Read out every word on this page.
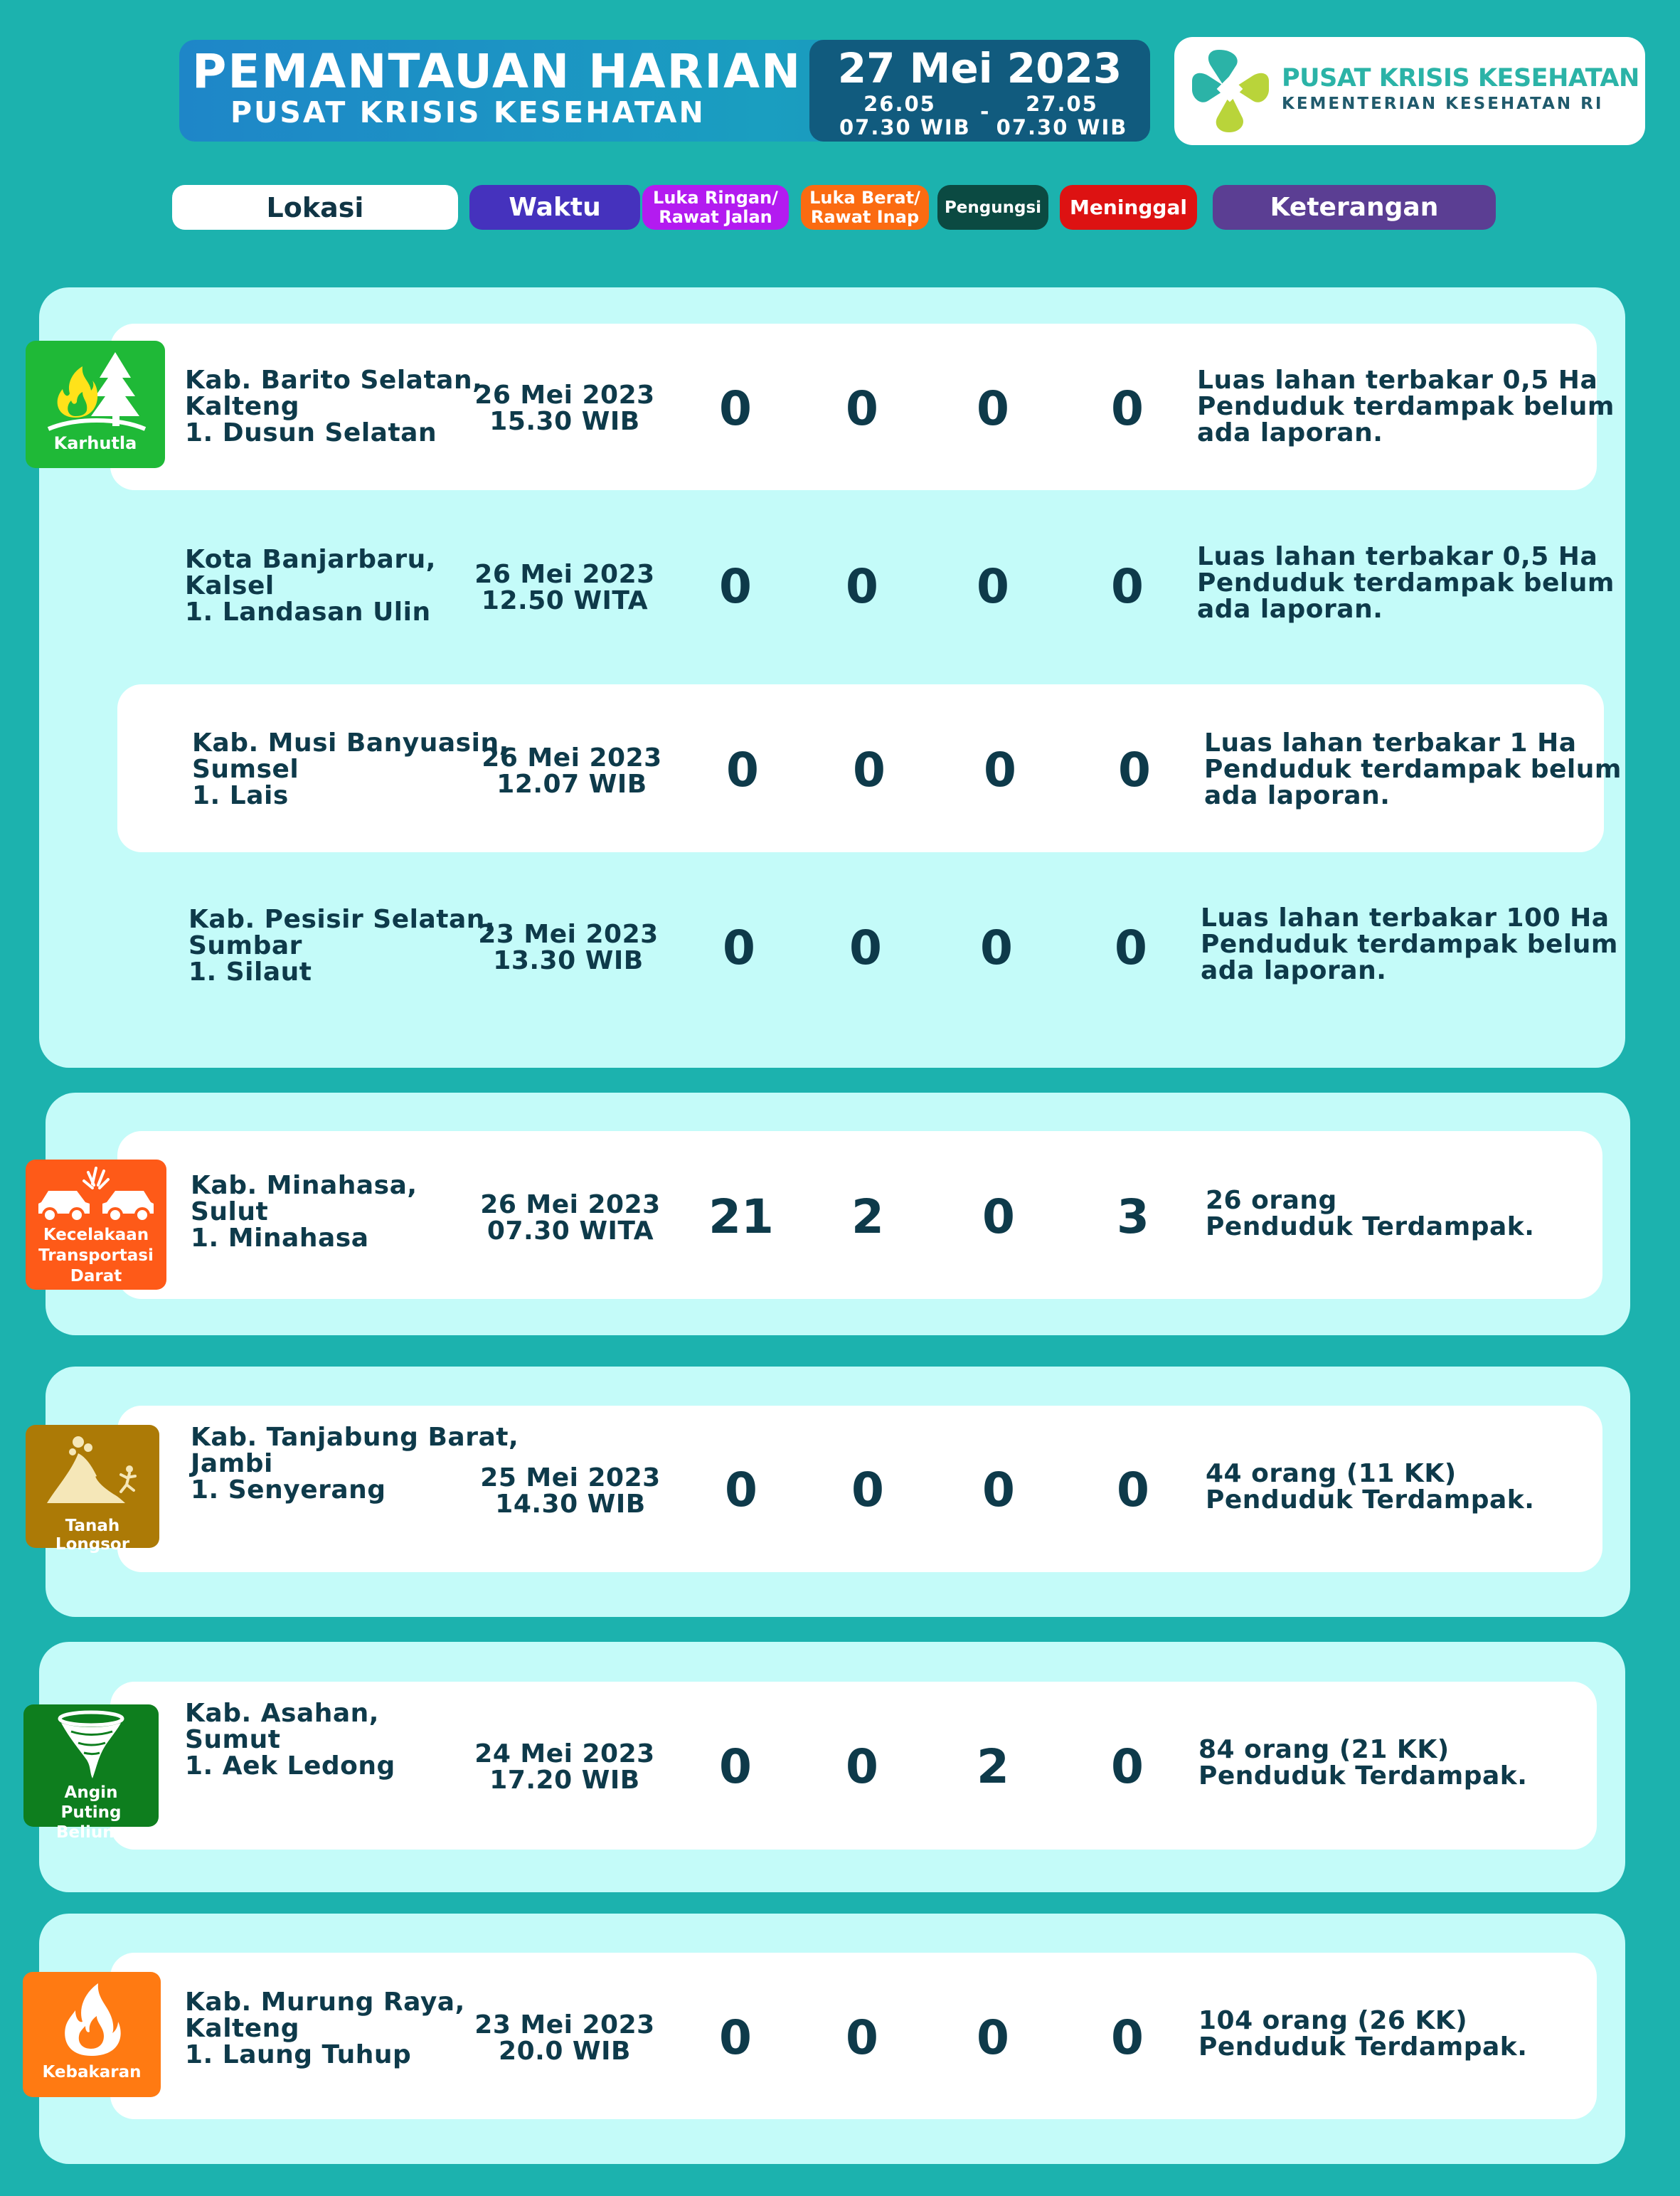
PEMANTAUAN HARIAN
PUSAT KRISIS KESEHATAN
27 Mei 2023
26.05
07.30 WIB
-	27.05
07.30 WIB
PUSAT KRISIS KESEHATAN
KEMENTERIAN KESEHATAN RI
Lokasi	Waktu	Luka Ringan/
Rawat Jalan
Luka Berat/
Rawat Inap	Pengungsi	Meninggal	Keterangan
Karhutla
Kecelakaan
Transportasi
Darat
Tanah Longsor
Angin
Puting Beliung
Kebakaran
Kab. Barito Selatan,
Kalteng
1. Dusun Selatan
26 Mei 2023
15.30 WIB	0	0	0	0
Luas lahan terbakar 0,5 Ha
Penduduk terdampak belum
ada laporan.
Kota Banjarbaru,
Kalsel
1. Landasan Ulin
26 Mei 2023
12.50 WITA	0	0	0	0
Luas lahan terbakar 0,5 Ha
Penduduk terdampak belum
ada laporan.
Kab. Musi Banyuasin,
Sumsel
1. Lais
26 Mei 2023
12.07 WIB	0	0	0	0	Luas lahan terbakar 1 Ha
Penduduk terdampak belum
ada laporan.
Kab. Pesisir Selatan,
Sumbar
1. Silaut
23 Mei 2023
13.30 WIB	0	0	0	0
Luas lahan terbakar 100 Ha
Penduduk terdampak belum
ada laporan.
Kab. Minahasa,
Sulut
1. Minahasa
26 Mei 2023
07.30 WITA	21	2	0	3	26 orang
Penduduk Terdampak.
Kab. Tanjabung Barat,
Jambi
1. Senyerang	25 Mei 2023
14.30 WIB	0	0	0	0	44 orang (11 KK)
Penduduk Terdampak.
Kab. Asahan,
Sumut
1. Aek Ledong	24 Mei 2023
17.20 WIB	0	0	2	0	84 orang (21 KK)
Penduduk Terdampak.
Kab. Murung Raya,
Kalteng
1. Laung Tuhup
23 Mei 2023
20.0 WIB	0	0	0	0	104 orang (26 KK)
Penduduk Terdampak.
